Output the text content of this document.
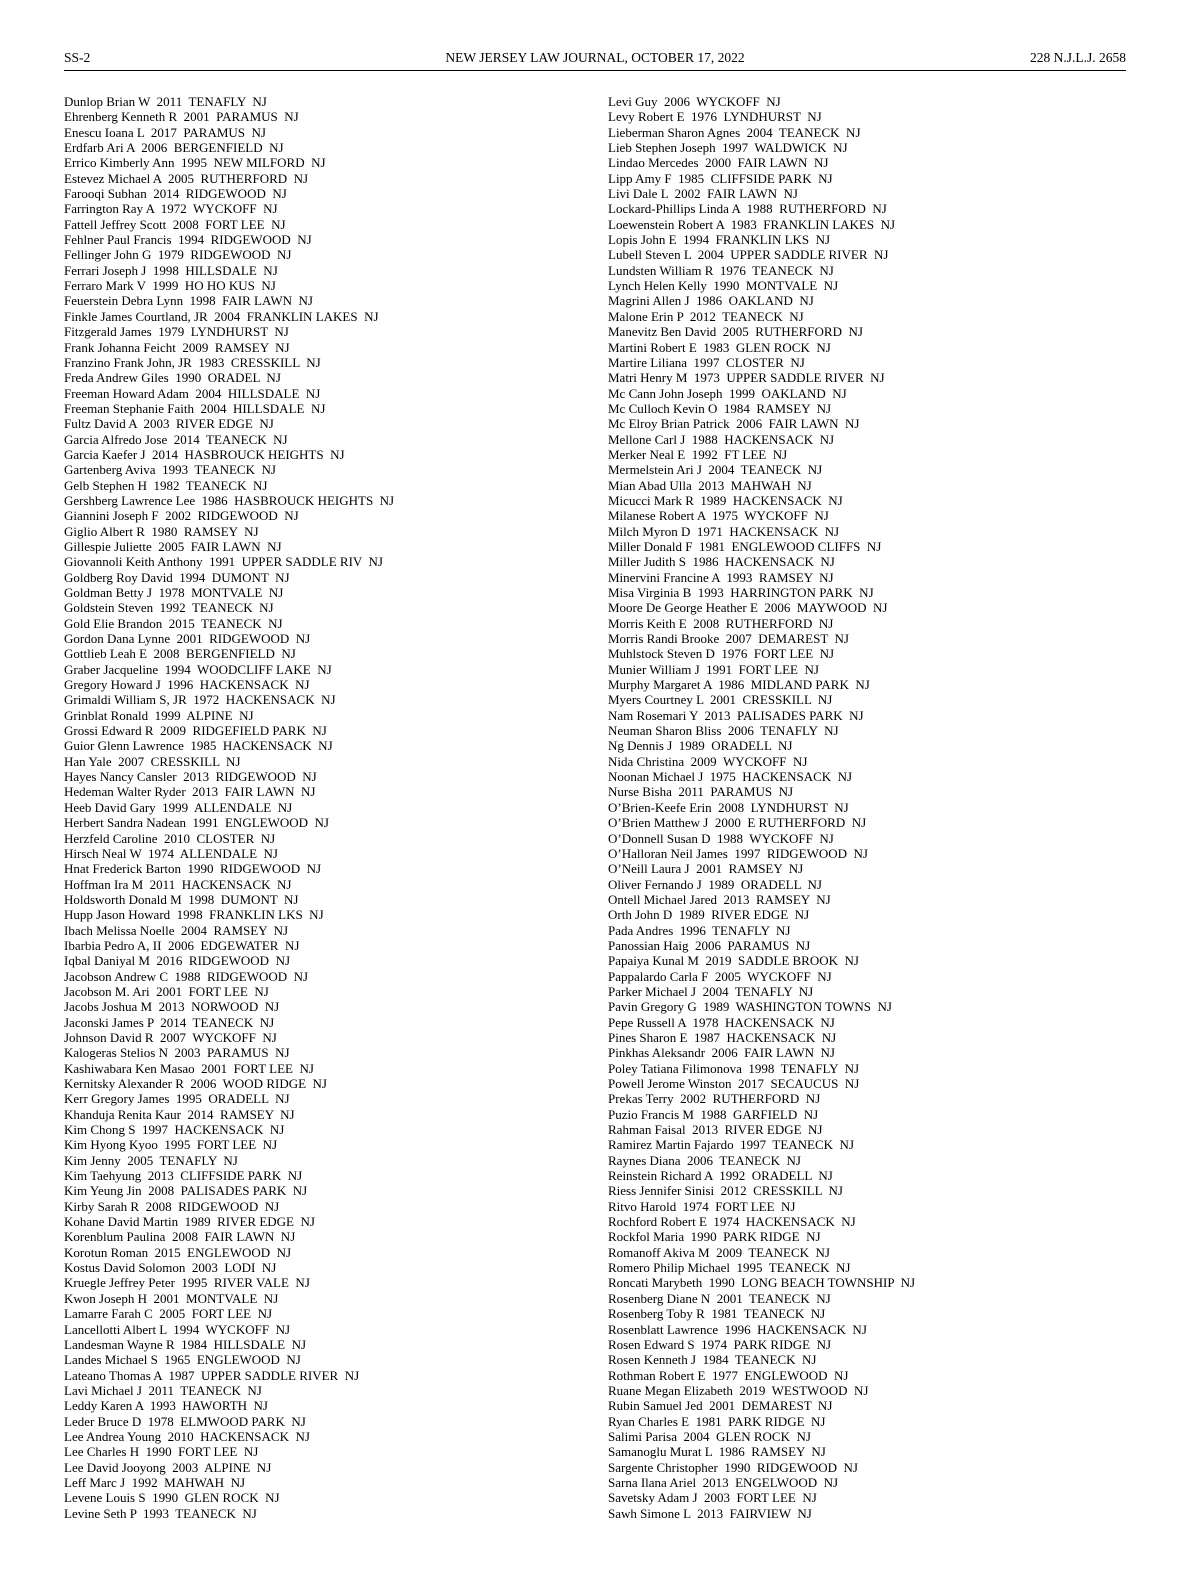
SS-2	NEW JERSEY LAW JOURNAL, OCTOBER 17, 2022	228 N.J.L.J. 2658
Dunlop Brian W  2011  TENAFLY  NJ
Ehrenberg Kenneth R  2001  PARAMUS  NJ
Enescu Ioana L  2017  PARAMUS  NJ
Erdfarb Ari A  2006  BERGENFIELD  NJ
Errico Kimberly Ann  1995  NEW MILFORD  NJ
Estevez Michael A  2005  RUTHERFORD  NJ
Farooqi Subhan  2014  RIDGEWOOD  NJ
Farrington Ray A  1972  WYCKOFF  NJ
Fattell Jeffrey Scott  2008  FORT LEE  NJ
Fehlner Paul Francis  1994  RIDGEWOOD  NJ
Fellinger John G  1979  RIDGEWOOD  NJ
Ferrari Joseph J  1998  HILLSDALE  NJ
Ferraro Mark V  1999  HO HO KUS  NJ
Feuerstein Debra Lynn  1998  FAIR LAWN  NJ
Finkle James Courtland, JR  2004  FRANKLIN LAKES  NJ
Fitzgerald James  1979  LYNDHURST  NJ
Frank Johanna Feicht  2009  RAMSEY  NJ
Franzino Frank John, JR  1983  CRESSKILL  NJ
Freda Andrew Giles  1990  ORADEL  NJ
Freeman Howard Adam  2004  HILLSDALE  NJ
Freeman Stephanie Faith  2004  HILLSDALE  NJ
Fultz David A  2003  RIVER EDGE  NJ
Garcia Alfredo Jose  2014  TEANECK  NJ
Garcia Kaefer J  2014  HASBROUCK HEIGHTS  NJ
Gartenberg Aviva  1993  TEANECK  NJ
Gelb Stephen H  1982  TEANECK  NJ
Gershberg Lawrence Lee  1986  HASBROUCK HEIGHTS  NJ
Giannini Joseph F  2002  RIDGEWOOD  NJ
Giglio Albert R  1980  RAMSEY  NJ
Gillespie Juliette  2005  FAIR LAWN  NJ
Giovannoli Keith Anthony  1991  UPPER SADDLE RIV  NJ
Goldberg Roy David  1994  DUMONT  NJ
Goldman Betty J  1978  MONTVALE  NJ
Goldstein Steven  1992  TEANECK  NJ
Gold Elie Brandon  2015  TEANECK  NJ
Gordon Dana Lynne  2001  RIDGEWOOD  NJ
Gottlieb Leah E  2008  BERGENFIELD  NJ
Graber Jacqueline  1994  WOODCLIFF LAKE  NJ
Gregory Howard J  1996  HACKENSACK  NJ
Grimaldi William S, JR  1972  HACKENSACK  NJ
Grinblat Ronald  1999  ALPINE  NJ
Grossi Edward R  2009  RIDGEFIELD PARK  NJ
Guior Glenn Lawrence  1985  HACKENSACK  NJ
Han Yale  2007  CRESSKILL  NJ
Hayes Nancy Cansler  2013  RIDGEWOOD  NJ
Hedeman Walter Ryder  2013  FAIR LAWN  NJ
Heeb David Gary  1999  ALLENDALE  NJ
Herbert Sandra Nadean  1991  ENGLEWOOD  NJ
Herzfeld Caroline  2010  CLOSTER  NJ
Hirsch Neal W  1974  ALLENDALE  NJ
Hnat Frederick Barton  1990  RIDGEWOOD  NJ
Hoffman Ira M  2011  HACKENSACK  NJ
Holdsworth Donald M  1998  DUMONT  NJ
Hupp Jason Howard  1998  FRANKLIN LKS  NJ
Ibach Melissa Noelle  2004  RAMSEY  NJ
Ibarbia Pedro A, II  2006  EDGEWATER  NJ
Iqbal Daniyal M  2016  RIDGEWOOD  NJ
Jacobson Andrew C  1988  RIDGEWOOD  NJ
Jacobson M. Ari  2001  FORT LEE  NJ
Jacobs Joshua M  2013  NORWOOD  NJ
Jaconski James P  2014  TEANECK  NJ
Johnson David R  2007  WYCKOFF  NJ
Kalogeras Stelios N  2003  PARAMUS  NJ
Kashiwabara Ken Masao  2001  FORT LEE  NJ
Kernitsky Alexander R  2006  WOOD RIDGE  NJ
Kerr Gregory James  1995  ORADELL  NJ
Khanduja Renita Kaur  2014  RAMSEY  NJ
Kim Chong S  1997  HACKENSACK  NJ
Kim Hyong Kyoo  1995  FORT LEE  NJ
Kim Jenny  2005  TENAFLY  NJ
Kim Taehyung  2013  CLIFFSIDE PARK  NJ
Kim Yeung Jin  2008  PALISADES PARK  NJ
Kirby Sarah R  2008  RIDGEWOOD  NJ
Kohane David Martin  1989  RIVER EDGE  NJ
Korenblum Paulina  2008  FAIR LAWN  NJ
Korotun Roman  2015  ENGLEWOOD  NJ
Kostus David Solomon  2003  LODI  NJ
Kruegle Jeffrey Peter  1995  RIVER VALE  NJ
Kwon Joseph H  2001  MONTVALE  NJ
Lamarre Farah C  2005  FORT LEE  NJ
Lancellotti Albert L  1994  WYCKOFF  NJ
Landesman Wayne R  1984  HILLSDALE  NJ
Landes Michael S  1965  ENGLEWOOD  NJ
Lateano Thomas A  1987  UPPER SADDLE RIVER  NJ
Lavi Michael J  2011  TEANECK  NJ
Leddy Karen A  1993  HAWORTH  NJ
Leder Bruce D  1978  ELMWOOD PARK  NJ
Lee Andrea Young  2010  HACKENSACK  NJ
Lee Charles H  1990  FORT LEE  NJ
Lee David Jooyong  2003  ALPINE  NJ
Leff Marc J  1992  MAHWAH  NJ
Levene Louis S  1990  GLEN ROCK  NJ
Levine Seth P  1993  TEANECK  NJ
Levi Guy  2006  WYCKOFF  NJ
Levy Robert E  1976  LYNDHURST  NJ
Lieberman Sharon Agnes  2004  TEANECK  NJ
Lieb Stephen Joseph  1997  WALDWICK  NJ
Lindao Mercedes  2000  FAIR LAWN  NJ
Lipp Amy F  1985  CLIFFSIDE PARK  NJ
Livi Dale L  2002  FAIR LAWN  NJ
Lockard-Phillips Linda A  1988  RUTHERFORD  NJ
Loewenstein Robert A  1983  FRANKLIN LAKES  NJ
Lopis John E  1994  FRANKLIN LKS  NJ
Lubell Steven L  2004  UPPER SADDLE RIVER  NJ
Lundsten William R  1976  TEANECK  NJ
Lynch Helen Kelly  1990  MONTVALE  NJ
Magrini Allen J  1986  OAKLAND  NJ
Malone Erin P  2012  TEANECK  NJ
Manevitz Ben David  2005  RUTHERFORD  NJ
Martini Robert E  1983  GLEN ROCK  NJ
Martire Liliana  1997  CLOSTER  NJ
Matri Henry M  1973  UPPER SADDLE RIVER  NJ
Mc Cann John Joseph  1999  OAKLAND  NJ
Mc Culloch Kevin O  1984  RAMSEY  NJ
Mc Elroy Brian Patrick  2006  FAIR LAWN  NJ
Mellone Carl J  1988  HACKENSACK  NJ
Merker Neal E  1992  FT LEE  NJ
Mermelstein Ari J  2004  TEANECK  NJ
Mian Abad Ulla  2013  MAHWAH  NJ
Micucci Mark R  1989  HACKENSACK  NJ
Milanese Robert A  1975  WYCKOFF  NJ
Milch Myron D  1971  HACKENSACK  NJ
Miller Donald F  1981  ENGLEWOOD CLIFFS  NJ
Miller Judith S  1986  HACKENSACK  NJ
Minervini Francine A  1993  RAMSEY  NJ
Misa Virginia B  1993  HARRINGTON PARK  NJ
Moore De George Heather E  2006  MAYWOOD  NJ
Morris Keith E  2008  RUTHERFORD  NJ
Morris Randi Brooke  2007  DEMAREST  NJ
Muhlstock Steven D  1976  FORT LEE  NJ
Munier William J  1991  FORT LEE  NJ
Murphy Margaret A  1986  MIDLAND PARK  NJ
Myers Courtney L  2001  CRESSKILL  NJ
Nam Rosemari Y  2013  PALISADES PARK  NJ
Neuman Sharon Bliss  2006  TENAFLY  NJ
Ng Dennis J  1989  ORADELL  NJ
Nida Christina  2009  WYCKOFF  NJ
Noonan Michael J  1975  HACKENSACK  NJ
Nurse Bisha  2011  PARAMUS  NJ
O’Brien-Keefe Erin  2008  LYNDHURST  NJ
O’Brien Matthew J  2000  E RUTHERFORD  NJ
O’Donnell Susan D  1988  WYCKOFF  NJ
O’Halloran Neil James  1997  RIDGEWOOD  NJ
O’Neill Laura J  2001  RAMSEY  NJ
Oliver Fernando J  1989  ORADELL  NJ
Ontell Michael Jared  2013  RAMSEY  NJ
Orth John D  1989  RIVER EDGE  NJ
Pada Andres  1996  TENAFLY  NJ
Panossian Haig  2006  PARAMUS  NJ
Papaiya Kunal M  2019  SADDLE BROOK  NJ
Pappalardo Carla F  2005  WYCKOFF  NJ
Parker Michael J  2004  TENAFLY  NJ
Pavin Gregory G  1989  WASHINGTON TOWNS  NJ
Pepe Russell A  1978  HACKENSACK  NJ
Pines Sharon E  1987  HACKENSACK  NJ
Pinkhas Aleksandr  2006  FAIR LAWN  NJ
Poley Tatiana Filimonova  1998  TENAFLY  NJ
Powell Jerome Winston  2017  SECAUCUS  NJ
Prekas Terry  2002  RUTHERFORD  NJ
Puzio Francis M  1988  GARFIELD  NJ
Rahman Faisal  2013  RIVER EDGE  NJ
Ramirez Martin Fajardo  1997  TEANECK  NJ
Raynes Diana  2006  TEANECK  NJ
Reinstein Richard A  1992  ORADELL  NJ
Riess Jennifer Sinisi  2012  CRESSKILL  NJ
Ritvo Harold  1974  FORT LEE  NJ
Rochford Robert E  1974  HACKENSACK  NJ
Rockfol Maria  1990  PARK RIDGE  NJ
Romanoff Akiva M  2009  TEANECK  NJ
Romero Philip Michael  1995  TEANECK  NJ
Roncati Marybeth  1990  LONG BEACH TOWNSHIP  NJ
Rosenberg Diane N  2001  TEANECK  NJ
Rosenberg Toby R  1981  TEANECK  NJ
Rosenblatt Lawrence  1996  HACKENSACK  NJ
Rosen Edward S  1974  PARK RIDGE  NJ
Rosen Kenneth J  1984  TEANECK  NJ
Rothman Robert E  1977  ENGLEWOOD  NJ
Ruane Megan Elizabeth  2019  WESTWOOD  NJ
Rubin Samuel Jed  2001  DEMAREST  NJ
Ryan Charles E  1981  PARK RIDGE  NJ
Salimi Parisa  2004  GLEN ROCK  NJ
Samanoglu Murat L  1986  RAMSEY  NJ
Sargente Christopher  1990  RIDGEWOOD  NJ
Sarna Ilana Ariel  2013  ENGELWOOD  NJ
Savetsky Adam J  2003  FORT LEE  NJ
Sawh Simone L  2013  FAIRVIEW  NJ
